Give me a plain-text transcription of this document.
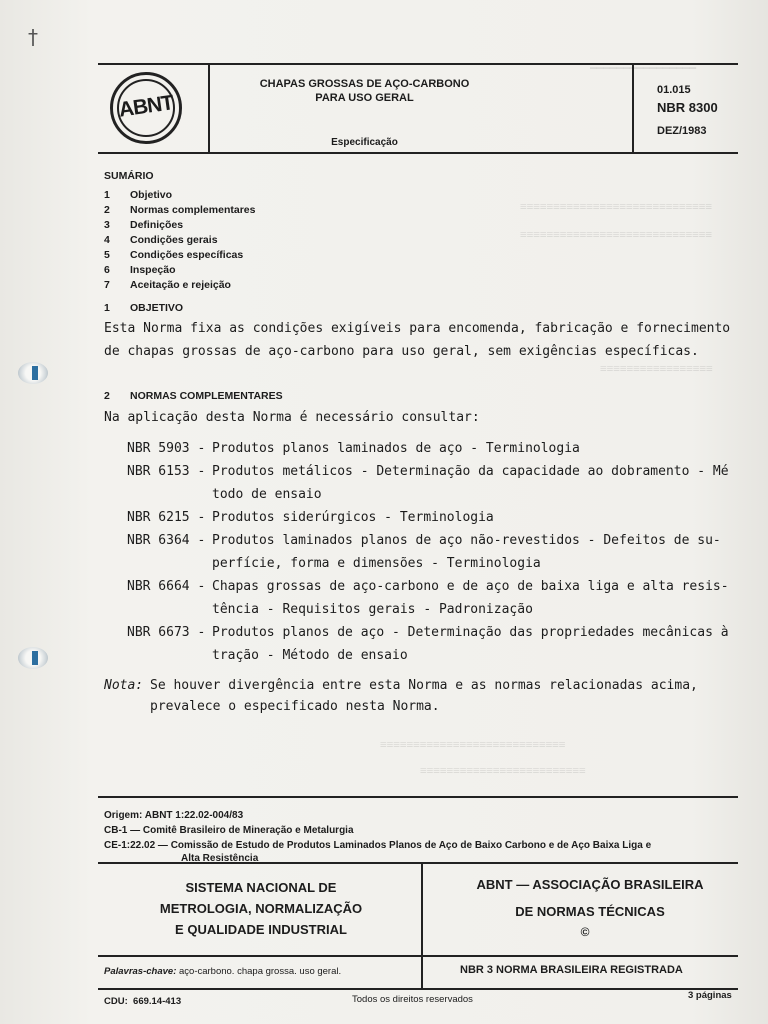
━━━━━━━━━━━━━━━━
≡≡≡≡≡≡≡≡≡≡≡≡≡≡≡≡≡≡≡≡≡≡≡≡≡≡≡≡≡
≡≡≡≡≡≡≡≡≡≡≡≡≡≡≡≡≡≡≡≡≡≡≡≡≡≡≡≡≡
≡≡≡≡≡≡≡≡≡≡≡≡≡≡≡≡≡
≡≡≡≡≡≡≡≡≡≡≡≡≡≡≡≡≡≡≡≡≡≡≡≡≡≡≡≡
≡≡≡≡≡≡≡≡≡≡≡≡≡≡≡≡≡≡≡≡≡≡≡≡≡
†
ABNT
CHAPAS GROSSAS DE AÇO-CARBONO
PARA USO GERAL
Especificação
01.015
NBR 8300
DEZ/1983
SUMÁRIO
1 Objetivo
2 Normas complementares
3 Definições
4 Condições gerais
5 Condições específicas
6 Inspeção
7 Aceitação e rejeição
1 OBJETIVO
Esta Norma fixa as condições exigíveis para encomenda, fabricação e fornecimento
de chapas grossas de aço-carbono para uso geral, sem exigências específicas.
2 NORMAS COMPLEMENTARES
Na aplicação desta Norma é necessário consultar:
NBR 5903 - Produtos planos laminados de aço - Terminologia
NBR 6153 - Produtos metálicos - Determinação da capacidade ao dobramento - Mé
todo de ensaio
NBR 6215 - Produtos siderúrgicos - Terminologia
NBR 6364 - Produtos laminados planos de aço não-revestidos - Defeitos de su-
perfície, forma e dimensões - Terminologia
NBR 6664 - Chapas grossas de aço-carbono e de aço de baixa liga e alta resis-
tência - Requisitos gerais - Padronização
NBR 6673 - Produtos planos de aço - Determinação das propriedades mecânicas à
tração - Método de ensaio
Nota: Se houver divergência entre esta Norma e as normas relacionadas acima,
prevalece o especificado nesta Norma.
Origem: ABNT 1:22.02-004/83
CB-1 — Comitê Brasileiro de Mineração e Metalurgia
CE-1:22.02 — Comissão de Estudo de Produtos Laminados Planos de Aço de Baixo Carbono e de Aço Baixa Liga e
Alta Resistência
SISTEMA NACIONAL DE
METROLOGIA, NORMALIZAÇÃO
E QUALIDADE INDUSTRIAL
ABNT — ASSOCIAÇÃO BRASILEIRA
DE NORMAS TÉCNICAS
©
Palavras-chave: aço-carbono. chapa grossa. uso geral.	NBR 3 NORMA BRASILEIRA REGISTRADA
CDU: 669.14-413	Todos os direitos reservados	3 páginas
